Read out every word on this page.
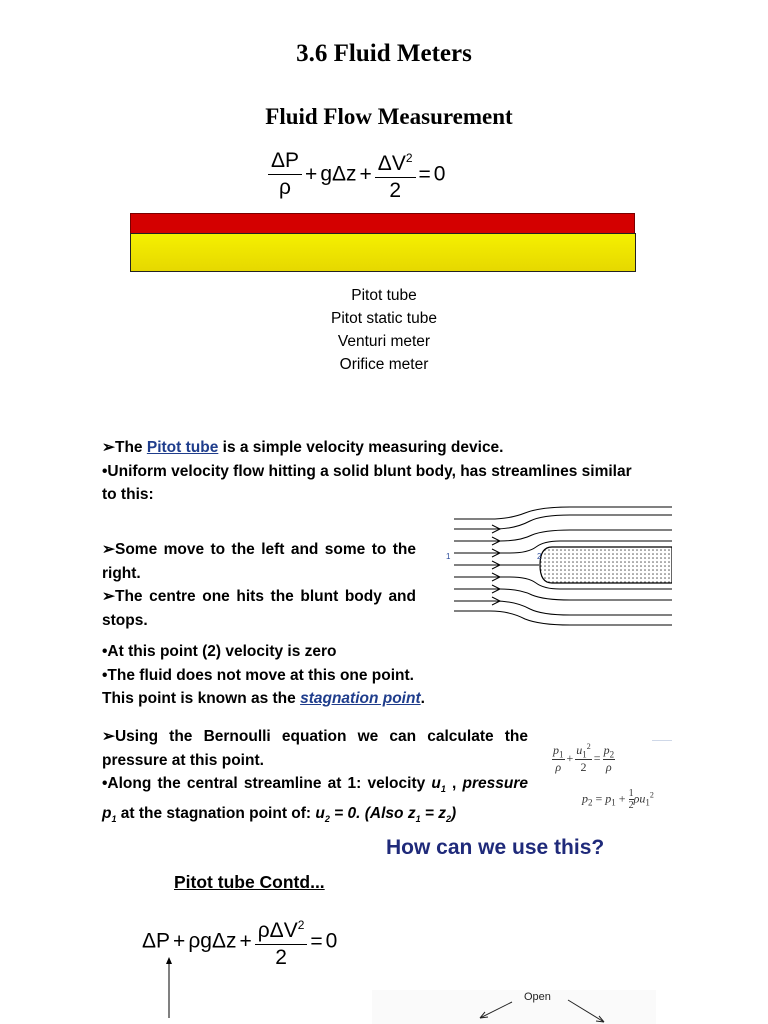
3.6 Fluid Meters
Fluid Flow Measurement
$\frac{\Delta P}{\rho} + g\Delta z + \frac{\Delta V^2}{2} = 0$
Pitot tube
Pitot static tube
Venturi meter
Orifice meter
➢The Pitot tube is a simple velocity measuring device.
•Uniform velocity flow hitting a solid blunt body, has streamlines similar to this:
➢Some move to the left and some to the right.
➢The centre one hits the blunt body and stops.
1	2
•At this point (2) velocity is zero
•The fluid does not move at this one point.
This point is known as the stagnation point.
➢Using the Bernoulli equation we can calculate the pressure at this point.
•Along the central streamline at 1: velocity $u_1$ , pressure $p_1$ at the stagnation point of: $u_2 = 0$. (Also $z_1 = z_2$)
$\frac{p_1}{\rho} + \frac{u_1^2}{2} = \frac{p_2}{\rho}$
$p_2 = p_1 + \frac{1}{2} \rho u_1^2$
How can we use this?
Pitot tube Contd...
$\Delta P + \rho g\Delta z + \frac{\rho\Delta V^2}{2} = 0$
Open
